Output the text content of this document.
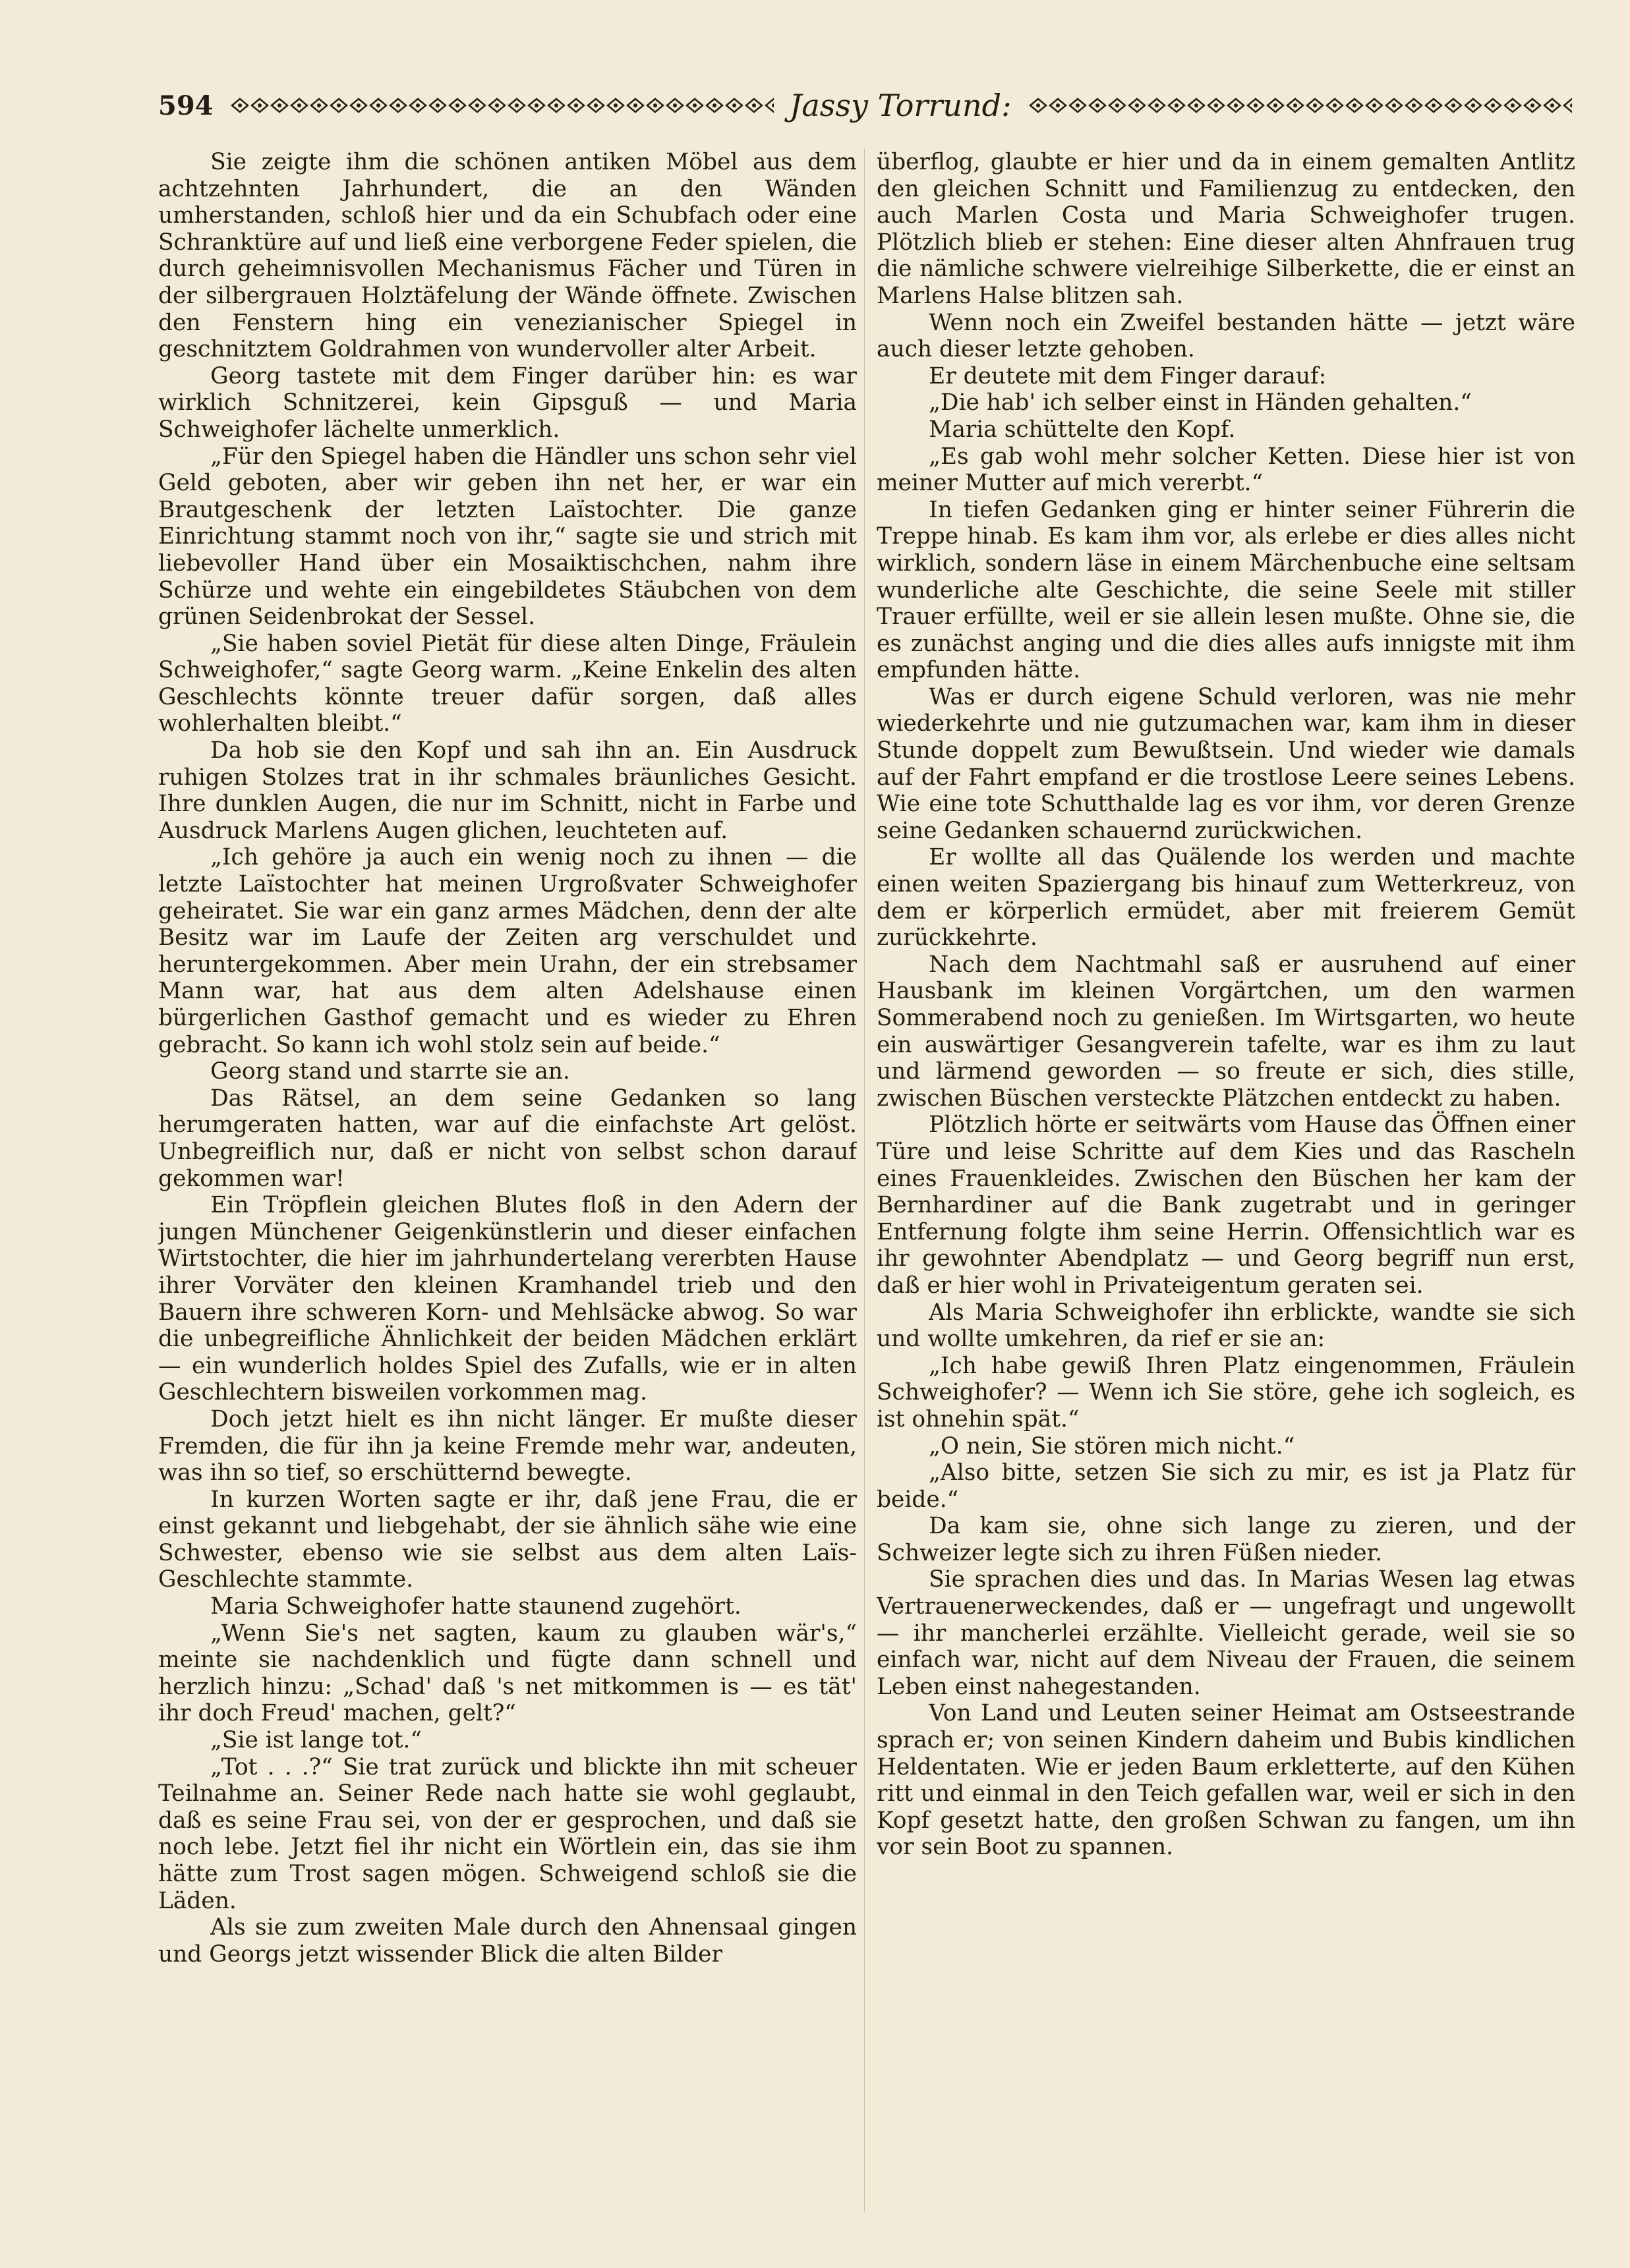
594	Jassy Torrund:

Sie zeigte ihm die schönen antiken Möbel aus dem achtzehnten Jahrhundert, die an den Wänden umherstanden, schloß hier und da ein Schubfach oder eine Schranktüre auf und ließ eine verborgene Feder spielen, die durch geheimnisvollen Mechanismus Fächer und Türen in der silbergrauen Holztäfelung der Wände öffnete. Zwischen den Fenstern hing ein venezianischer Spiegel in geschnitztem Goldrahmen von wundervoller alter Arbeit.

Georg tastete mit dem Finger darüber hin: es war wirklich Schnitzerei, kein Gipsguß — und Maria Schweighofer lächelte unmerklich.

„Für den Spiegel haben die Händler uns schon sehr viel Geld geboten, aber wir geben ihn net her, er war ein Brautgeschenk der letzten Laïstochter. Die ganze Einrichtung stammt noch von ihr,“ sagte sie und strich mit liebevoller Hand über ein Mosaiktischchen, nahm ihre Schürze und wehte ein eingebildetes Stäubchen von dem grünen Seidenbrokat der Sessel.

„Sie haben soviel Pietät für diese alten Dinge, Fräulein Schweighofer,“ sagte Georg warm. „Keine Enkelin des alten Geschlechts könnte treuer dafür sorgen, daß alles wohlerhalten bleibt.“

Da hob sie den Kopf und sah ihn an. Ein Ausdruck ruhigen Stolzes trat in ihr schmales bräunliches Gesicht. Ihre dunklen Augen, die nur im Schnitt, nicht in Farbe und Ausdruck Marlens Augen glichen, leuchteten auf.

„Ich gehöre ja auch ein wenig noch zu ihnen — die letzte Laïstochter hat meinen Urgroßvater Schweighofer geheiratet. Sie war ein ganz armes Mädchen, denn der alte Besitz war im Laufe der Zeiten arg verschuldet und heruntergekommen. Aber mein Urahn, der ein strebsamer Mann war, hat aus dem alten Adelshause einen bürgerlichen Gasthof gemacht und es wieder zu Ehren gebracht. So kann ich wohl stolz sein auf beide.“

Georg stand und starrte sie an.

Das Rätsel, an dem seine Gedanken so lang herumgeraten hatten, war auf die einfachste Art gelöst. Unbegreiflich nur, daß er nicht von selbst schon darauf gekommen war!

Ein Tröpflein gleichen Blutes floß in den Adern der jungen Münchener Geigenkünstlerin und dieser einfachen Wirtstochter, die hier im jahrhundertelang vererbten Hause ihrer Vorväter den kleinen Kramhandel trieb und den Bauern ihre schweren Korn- und Mehlsäcke abwog. So war die unbegreifliche Ähnlichkeit der beiden Mädchen erklärt — ein wunderlich holdes Spiel des Zufalls, wie er in alten Geschlechtern bisweilen vorkommen mag.

Doch jetzt hielt es ihn nicht länger. Er mußte dieser Fremden, die für ihn ja keine Fremde mehr war, andeuten, was ihn so tief, so erschütternd bewegte.

In kurzen Worten sagte er ihr, daß jene Frau, die er einst gekannt und liebgehabt, der sie ähnlich sähe wie eine Schwester, ebenso wie sie selbst aus dem alten Laïs-Geschlechte stammte.

Maria Schweighofer hatte staunend zugehört.

„Wenn Sie's net sagten, kaum zu glauben wär's,“ meinte sie nachdenklich und fügte dann schnell und herzlich hinzu: „Schad' daß 's net mitkommen is — es tät' ihr doch Freud' machen, gelt?“

„Sie ist lange tot.“

„Tot . . .?“ Sie trat zurück und blickte ihn mit scheuer Teilnahme an. Seiner Rede nach hatte sie wohl geglaubt, daß es seine Frau sei, von der er gesprochen, und daß sie noch lebe. Jetzt fiel ihr nicht ein Wörtlein ein, das sie ihm hätte zum Trost sagen mögen. Schweigend schloß sie die Läden.

Als sie zum zweiten Male durch den Ahnensaal gingen und Georgs jetzt wissender Blick die alten Bilder

überflog, glaubte er hier und da in einem gemalten Antlitz den gleichen Schnitt und Familienzug zu entdecken, den auch Marlen Costa und Maria Schweighofer trugen. Plötzlich blieb er stehen: Eine dieser alten Ahnfrauen trug die nämliche schwere vielreihige Silberkette, die er einst an Marlens Halse blitzen sah.

Wenn noch ein Zweifel bestanden hätte — jetzt wäre auch dieser letzte gehoben.

Er deutete mit dem Finger darauf:

„Die hab' ich selber einst in Händen gehalten.“

Maria schüttelte den Kopf.

„Es gab wohl mehr solcher Ketten. Diese hier ist von meiner Mutter auf mich vererbt.“

In tiefen Gedanken ging er hinter seiner Führerin die Treppe hinab. Es kam ihm vor, als erlebe er dies alles nicht wirklich, sondern läse in einem Märchenbuche eine seltsam wunderliche alte Geschichte, die seine Seele mit stiller Trauer erfüllte, weil er sie allein lesen mußte. Ohne sie, die es zunächst anging und die dies alles aufs innigste mit ihm empfunden hätte.

Was er durch eigene Schuld verloren, was nie mehr wiederkehrte und nie gutzumachen war, kam ihm in dieser Stunde doppelt zum Bewußtsein. Und wieder wie damals auf der Fahrt empfand er die trostlose Leere seines Lebens. Wie eine tote Schutthalde lag es vor ihm, vor deren Grenze seine Gedanken schauernd zurückwichen.

Er wollte all das Quälende los werden und machte einen weiten Spaziergang bis hinauf zum Wetterkreuz, von dem er körperlich ermüdet, aber mit freierem Gemüt zurückkehrte.

Nach dem Nachtmahl saß er ausruhend auf einer Hausbank im kleinen Vorgärtchen, um den warmen Sommerabend noch zu genießen. Im Wirtsgarten, wo heute ein auswärtiger Gesangverein tafelte, war es ihm zu laut und lärmend geworden — so freute er sich, dies stille, zwischen Büschen versteckte Plätzchen entdeckt zu haben.

Plötzlich hörte er seitwärts vom Hause das Öffnen einer Türe und leise Schritte auf dem Kies und das Rascheln eines Frauenkleides. Zwischen den Büschen her kam der Bernhardiner auf die Bank zugetrabt und in geringer Entfernung folgte ihm seine Herrin. Offensichtlich war es ihr gewohnter Abendplatz — und Georg begriff nun erst, daß er hier wohl in Privateigentum geraten sei.

Als Maria Schweighofer ihn erblickte, wandte sie sich und wollte umkehren, da rief er sie an:

„Ich habe gewiß Ihren Platz eingenommen, Fräulein Schweighofer? — Wenn ich Sie störe, gehe ich sogleich, es ist ohnehin spät.“

„O nein, Sie stören mich nicht.“

„Also bitte, setzen Sie sich zu mir, es ist ja Platz für beide.“

Da kam sie, ohne sich lange zu zieren, und der Schweizer legte sich zu ihren Füßen nieder.

Sie sprachen dies und das. In Marias Wesen lag etwas Vertrauenerweckendes, daß er — ungefragt und ungewollt — ihr mancherlei erzählte. Vielleicht gerade, weil sie so einfach war, nicht auf dem Niveau der Frauen, die seinem Leben einst nahegestanden.

Von Land und Leuten seiner Heimat am Ostseestrande sprach er; von seinen Kindern daheim und Bubis kindlichen Heldentaten. Wie er jeden Baum erkletterte, auf den Kühen ritt und einmal in den Teich gefallen war, weil er sich in den Kopf gesetzt hatte, den großen Schwan zu fangen, um ihn vor sein Boot zu spannen.
